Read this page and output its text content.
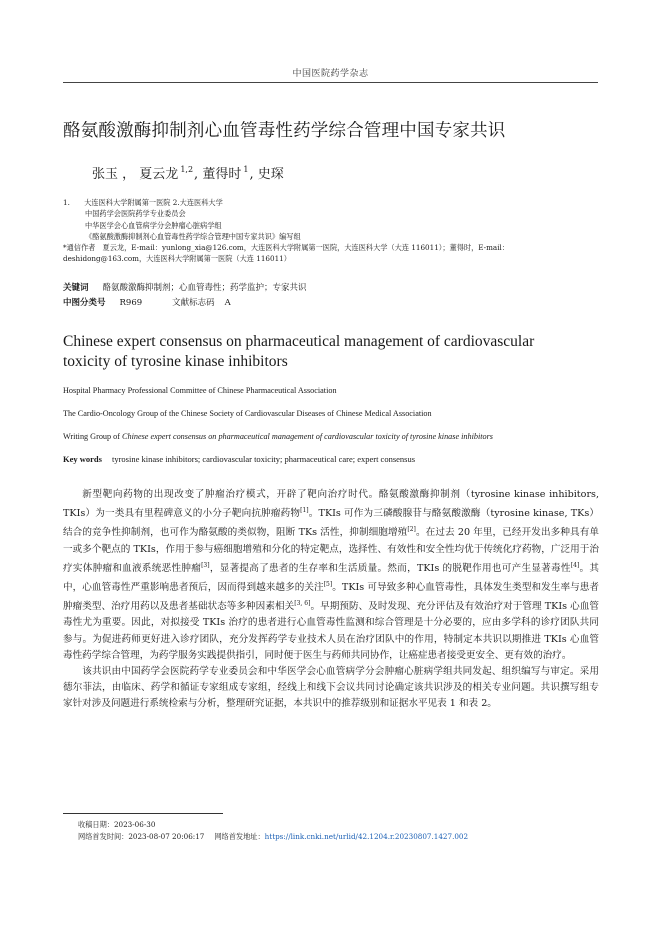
中国医院药学杂志
酪氨酸激酶抑制剂心血管毒性药学综合管理中国专家共识
张玉 ， 夏云龙 $^{1,2}$, 董得时 $^1$, 史琛
1.　　大连医科大学附属第一医院 2.大连医科大学
中国药学会医院药学专业委员会
中华医学会心血管病学分会肿瘤心脏病学组
《酪氨酸激酶抑制剂心血管毒性药学综合管理中国专家共识》编写组
*通信作者　夏云龙，E-mail：yunlong_xia@126.com，大连医科大学附属第一医院，大连医科大学（大连 116011）；董得时，E-mail：
deshidong@163.com，大连医科大学附属第一医院（大连 116011）
关键词 酪氨酸激酶抑制剂；心血管毒性；药学监护；专家共识
中图分类号 R969	文献标志码 A
Chinese expert consensus on pharmaceutical management of cardiovascular
toxicity of tyrosine kinase inhibitors
Hospital Pharmacy Professional Committee of Chinese Pharmaceutical Association
The Cardio-Oncology Group of the Chinese Society of Cardiovascular Diseases of Chinese Medical Association
Writing Group of Chinese expert consensus on pharmaceutical management of cardiovascular toxicity of tyrosine kinase inhibitors
Key words tyrosine kinase inhibitors; cardiovascular toxicity; pharmaceutical care; expert consensus

新型靶向药物的出现改变了肿瘤治疗模式，开辟了靶向治疗时代。酪氨酸激酶抑制剂（tyrosine kinase inhibitors, TKIs）为一类具有里程碑意义的小分子靶向抗肿瘤药物[1]。TKIs 可作为三磷酸腺苷与酪氨酸激酶（tyrosine kinase, TKs）结合的竞争性抑制剂，也可作为酪氨酸的类似物，阻断 TKs 活性，抑制细胞增殖[2]。在过去 20 年里，已经开发出多种具有单一或多个靶点的 TKIs，作用于参与癌细胞增殖和分化的特定靶点，选择性、有效性和安全性均优于传统化疗药物，广泛用于治疗实体肿瘤和血液系统恶性肿瘤[3]，显著提高了患者的生存率和生活质量。然而，TKIs 的脱靶作用也可产生显著毒性[4]。其中，心血管毒性严重影响患者预后，因而得到越来越多的关注[5]。TKIs 可导致多种心血管毒性，具体发生类型和发生率与患者肿瘤类型、治疗用药以及患者基础状态等多种因素相关[3, 6]。早期预防、及时发现、充分评估及有效治疗对于管理 TKIs 心血管毒性尤为重要。因此，对拟接受 TKIs 治疗的患者进行心血管毒性监测和综合管理是十分必要的，应由多学科的诊疗团队共同参与。为促进药师更好进入诊疗团队，充分发挥药学专业技术人员在治疗团队中的作用，特制定本共识以期推进 TKIs 心血管毒性药学综合管理，为药学服务实践提供指引，同时便于医生与药师共同协作，让癌症患者接受更安全、更有效的治疗。

该共识由中国药学会医院药学专业委员会和中华医学会心血管病学分会肿瘤心脏病学组共同发起、组织编写与审定。采用德尔菲法，由临床、药学和循证专家组成专家组，经线上和线下会议共同讨论确定该共识涉及的相关专业问题。共识撰写组专家针对涉及问题进行系统检索与分析，整理研究证据，本共识中的推荐级别和证据水平见表 1 和表 2。

收稿日期：2023-06-30
网络首发时间：2023-08-07 20:06:17 网络首发地址：https://link.cnki.net/urlid/42.1204.r.20230807.1427.002
